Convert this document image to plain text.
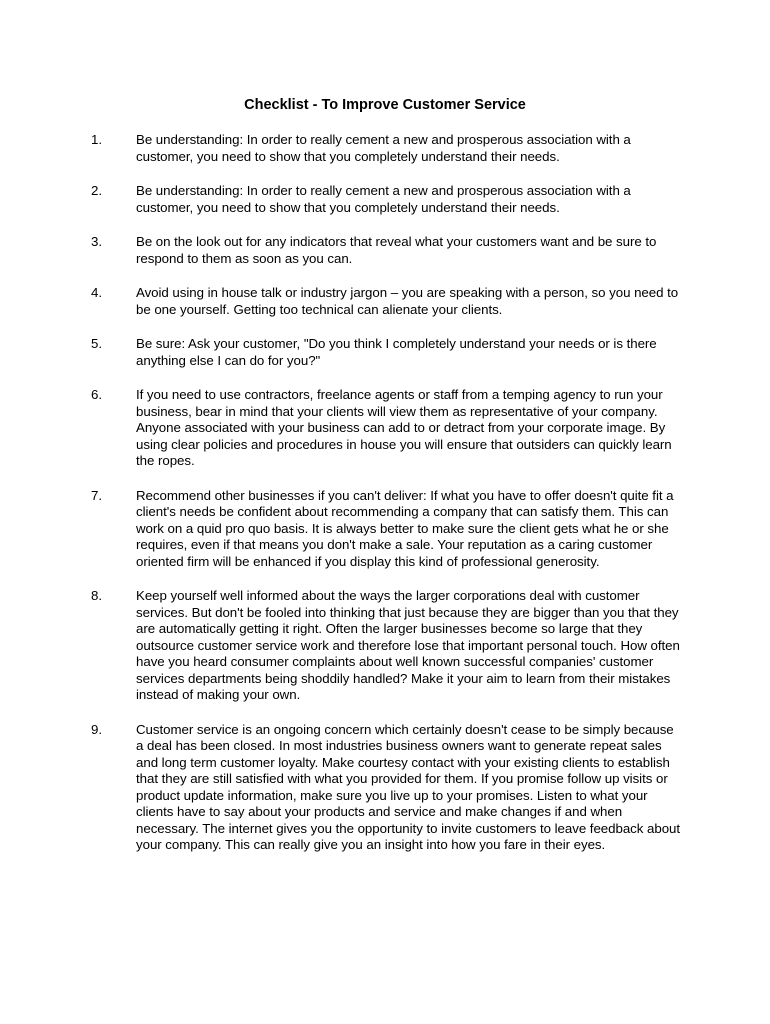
Checklist - To Improve Customer Service
1.	Be understanding: In order to really cement a new and prosperous association with a customer, you need to show that you completely understand their needs.
2.	Be understanding: In order to really cement a new and prosperous association with a customer, you need to show that you completely understand their needs.
3.	Be on the look out for any indicators that reveal what your customers want and be sure to respond to them as soon as you can.
4.	Avoid using in house talk or industry jargon – you are speaking with a person, so you need to be one yourself. Getting too technical can alienate your clients.
5.	Be sure: Ask your customer, "Do you think I completely understand your needs or is there anything else I can do for you?"
6.	If you need to use contractors, freelance agents or staff from a temping agency to run your business, bear in mind that your clients will view them as representative of your company. Anyone associated with your business can add to or detract from your corporate image. By using clear policies and procedures in house you will ensure that outsiders can quickly learn the ropes.
7.	Recommend other businesses if you can't deliver: If what you have to offer doesn't quite fit a client's needs be confident about recommending a company that can satisfy them. This can work on a quid pro quo basis. It is always better to make sure the client gets what he or she requires, even if that means you don't make a sale. Your reputation as a caring customer oriented firm will be enhanced if you display this kind of professional generosity.
8.	Keep yourself well informed about the ways the larger corporations deal with customer services. But don't be fooled into thinking that just because they are bigger than you that they are automatically getting it right. Often the larger businesses become so large that they outsource customer service work and therefore lose that important personal touch. How often have you heard consumer complaints about well known successful companies' customer services departments being shoddily handled? Make it your aim to learn from their mistakes instead of making your own.
9.	Customer service is an ongoing concern which certainly doesn't cease to be simply because a deal has been closed. In most industries business owners want to generate repeat sales and long term customer loyalty. Make courtesy contact with your existing clients to establish that they are still satisfied with what you provided for them. If you promise follow up visits or product update information, make sure you live up to your promises. Listen to what your clients have to say about your products and service and make changes if and when necessary. The internet gives you the opportunity to invite customers to leave feedback about your company. This can really give you an insight into how you fare in their eyes.
